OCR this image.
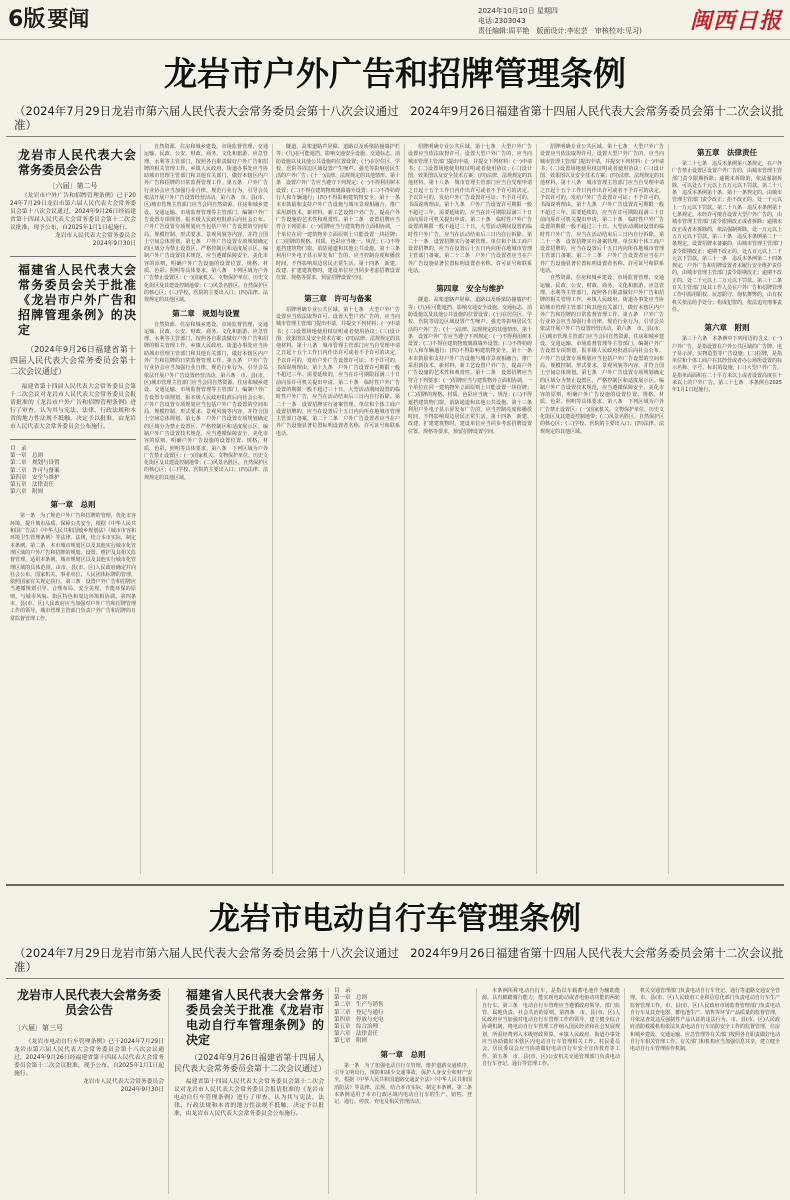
6版要闻	2024年10月10日 星期四
电话:2303043
责任编辑:周平艳　版面设计:李宏芸　审核校对:见习) 闽西日报
龙岩市户外广告和招牌管理条例
（2024年7月29日龙岩市第六届人民代表大会常务委员会第十八次会议通过　2024年9月26日福建省第十四届人民代表大会常务委员会第十二次会议批准）
龙岩市人民代表大会常务委员会公告
〔六届〕第二号

《龙岩市户外广告和招牌管理条例》已于2024年7月29日龙岩市第六届人民代表大会常务委员会第十八次会议通过，2024年9月26日经福建省第十四届人民代表大会常务委员会第十二次会议批准，现予公布，自2025年1月1日起施行。

龙岩市人民代表大会常务委员会
2024年9月30日
福建省人民代表大会常务委员会关于批准《龙岩市户外广告和招牌管理条例》的决定

（2024年9月26日福建省第十四届人民代表大会常务委员会第十二次会议通过）

福建省第十四届人民代表大会常务委员会第十二次会议对龙岩市人民代表大会常务委员会报请批准的《龙岩市户外广告和招牌管理条例》进行了审查，认为其与宪法、法律、行政法规和本省的地方性法规不抵触，决定予以批准，由龙岩市人民代表大会常务委员会公布施行。

目　录
第一章　总则
第二章　规划与设置
第三章　许可与备案
第四章　安全与维护
第五章　法律责任
第六章　附则
第一章　总则

第一条　为了规范户外广告和招牌的管理，优化市容环境，提升城市品质，保障公共安全，根据《中华人民共和国广告法》《中华人民共和国城乡规划法》《城市市容和环境卫生管理条例》等法律、法规，结合本市实际，制定本条例。第二条　本市城市规划区以及其他实行城市化管理区域的户外广告和招牌的规划、设置、维护及其相关监督管理，适用本条例。城市规划区以及其他实行城市化管理区域的具体范围，由市、县(市、区)人民政府确定并向社会公布。国家机关、事业单位、人民团体标牌的管理，依照国家有关规定执行。第三条　设置户外广告和招牌应当遵循规划引导、合理布局、安全美观、节能环保的原则，与城市风貌、街区特色和周边环境相协调。第四条　市、县(市、区)人民政府应当加强对户外广告和招牌管理工作的领导。城市管理主管部门负责户外广告和招牌的日常监督管理工作。

自然资源、住房和城乡建设、市场监督管理、交通运输、民政、公安、财政、商务、文化和旅游、应急管理、水利等主管部门，按照各自职责做好户外广告和招牌的相关管理工作。乡镇人民政府、街道办事处应当协助城市管理主管部门和其他有关部门，做好本辖区内户外广告和招牌的日常监督管理工作。第五条　户外广告行业协会应当加强行业自律，规范行业行为，引导会员依法开展户外广告设置经营活动。第六条　市、县(市、区)城市管理主管部门应当会同自然资源、住房和城乡建设、交通运输、市场监督管理等主管部门，编制户外广告设置专项规划，报本级人民政府批准后向社会公布。户外广告设置专项规划应当包括户外广告设置的空间布局、规模控制、形式要求、景观风貌等内容，并符合国土空间总体规划。第七条　户外广告设置专项规划确定的区域分为禁止设置区、严格控制区和适度展示区。编制户外广告设置技术规范，应当遵循保障安全、美化市容的原则，明确户外广告设施的设置位置、规格、材质、色彩、照明等具体要求。第八条　下列区域为户外广告禁止设置区：(一)国家机关、文物保护单位、历史文化街区及其建设控制地带；(二)风景名胜区、自然保护区的核心区；(三)学校、医院的主要出入口；(四)法律、法规规定的其他区域。

第二章　规划与设置

自然资源、住房和城乡建设、市场监督管理、交通运输、民政、公安、财政、商务、文化和旅游、应急管理、水利等主管部门，按照各自职责做好户外广告和招牌的相关管理工作。乡镇人民政府、街道办事处应当协助城市管理主管部门和其他有关部门，做好本辖区内户外广告和招牌的日常监督管理工作。第五条　户外广告行业协会应当加强行业自律，规范行业行为，引导会员依法开展户外广告设置经营活动。第六条　市、县(市、区)城市管理主管部门应当会同自然资源、住房和城乡建设、交通运输、市场监督管理等主管部门，编制户外广告设置专项规划，报本级人民政府批准后向社会公布。户外广告设置专项规划应当包括户外广告设置的空间布局、规模控制、形式要求、景观风貌等内容，并符合国土空间总体规划。第七条　户外广告设置专项规划确定的区域分为禁止设置区、严格控制区和适度展示区。编制户外广告设置技术规范，应当遵循保障安全、美化市容的原则，明确户外广告设施的设置位置、规格、材质、色彩、照明等具体要求。第八条　下列区域为户外广告禁止设置区：(一)国家机关、文物保护单位、历史文化街区及其建设控制地带；(二)风景名胜区、自然保护区的核心区；(三)学校、医院的主要出入口；(四)法律、法规规定的其他区域。

隧道、高架道路声屏障、道路以及桥梁防撞墙护栏等；(九)在可能遮挡、影响交通安全设施、交通标志、消防设施以及其他公共设施的位置设置；(十)在居住区、学校、医院等周边区域设置产生噪声、强光等影响居民生活的户外广告；(十一)法律、法规规定的其他情形。第十条　设置户外广告应当遵守下列规定：(一)不得利用树木设置；(二)不得在建筑物玻璃幕墙外设置；(三)不得妨碍行人和车辆通行；(四)不得影响建筑物安全。第十一条　本市鼓励和支持户外广告设施与城市景观相融合，推广采用新技术、新材料、新工艺设置户外广告，提高户外广告设施的艺术性和观赏性。第十二条　设置招牌应当符合下列要求：(一)招牌应当与建筑物外立面相协调，一个单位在同一建筑物外立面原则上只能设置一块招牌；(二)招牌的规格、材质、色彩应当统一、规范；(三)不得遮挡建筑物门窗、消防通道和其他公共设施。第十三条　利用户外电子显示屏发布广告的，应当控制亮度和播放时间，不得影响周边居民正常生活。第十四条　新建、改建、扩建建筑物时，建设单位应当同步考虑招牌设置位置、规格等要求，预留招牌设置空间。

第三章　许可与备案

招牌明确专业公共区域。第十七条　大型户外广告设置应当依法取得许可。设置大型户外广告的，应当向城市管理主管部门提出申请，并提交下列材料：(一)申请书；(二)设置场地使用权证明或者使用协议；(三)设计图、效果图以及安全技术方案；(四)法律、法规规定的其他材料。第十八条　城市管理主管部门应当自受理申请之日起十五个工作日内作出许可或者不予许可的决定。予以许可的，发给户外广告设置许可证；不予许可的，书面说明理由。第十九条　户外广告设置许可期限一般不超过三年。需要延续的，应当在许可期限届满三十日前向原许可机关提出申请。第二十条　临时性户外广告设置的期限一般不超过三十日。大型活动期间设置的临时性户外广告，应当在活动结束后三日内自行拆除。第二十一条　设置招牌实行备案管理。单位和个体工商户设置招牌的，应当在设置后十五日内向所在地城市管理主管部门备案。第二十二条　户外广告设置者应当在户外广告设施显著位置标明设置者名称、许可证号和联系电话。

招牌明确专业公共区域。第十七条　大型户外广告设置应当依法取得许可。设置大型户外广告的，应当向城市管理主管部门提出申请，并提交下列材料：(一)申请书；(二)设置场地使用权证明或者使用协议；(三)设计图、效果图以及安全技术方案；(四)法律、法规规定的其他材料。第十八条　城市管理主管部门应当自受理申请之日起十五个工作日内作出许可或者不予许可的决定。予以许可的，发给户外广告设置许可证；不予许可的，书面说明理由。第十九条　户外广告设置许可期限一般不超过三年。需要延续的，应当在许可期限届满三十日前向原许可机关提出申请。第二十条　临时性户外广告设置的期限一般不超过三十日。大型活动期间设置的临时性户外广告，应当在活动结束后三日内自行拆除。第二十一条　设置招牌实行备案管理。单位和个体工商户设置招牌的，应当在设置后十五日内向所在地城市管理主管部门备案。第二十二条　户外广告设置者应当在户外广告设施显著位置标明设置者名称、许可证号和联系电话。

第四章　安全与维护

隧道、高架道路声屏障、道路以及桥梁防撞墙护栏等；(九)在可能遮挡、影响交通安全设施、交通标志、消防设施以及其他公共设施的位置设置；(十)在居住区、学校、医院等周边区域设置产生噪声、强光等影响居民生活的户外广告；(十一)法律、法规规定的其他情形。第十条　设置户外广告应当遵守下列规定：(一)不得利用树木设置；(二)不得在建筑物玻璃幕墙外设置；(三)不得妨碍行人和车辆通行；(四)不得影响建筑物安全。第十一条　本市鼓励和支持户外广告设施与城市景观相融合，推广采用新技术、新材料、新工艺设置户外广告，提高户外广告设施的艺术性和观赏性。第十二条　设置招牌应当符合下列要求：(一)招牌应当与建筑物外立面相协调，一个单位在同一建筑物外立面原则上只能设置一块招牌；(二)招牌的规格、材质、色彩应当统一、规范；(三)不得遮挡建筑物门窗、消防通道和其他公共设施。第十三条　利用户外电子显示屏发布广告的，应当控制亮度和播放时间，不得影响周边居民正常生活。第十四条　新建、改建、扩建建筑物时，建设单位应当同步考虑招牌设置位置、规格等要求，预留招牌设置空间。

招牌明确专业公共区域。第十七条　大型户外广告设置应当依法取得许可。设置大型户外广告的，应当向城市管理主管部门提出申请，并提交下列材料：(一)申请书；(二)设置场地使用权证明或者使用协议；(三)设计图、效果图以及安全技术方案；(四)法律、法规规定的其他材料。第十八条　城市管理主管部门应当自受理申请之日起十五个工作日内作出许可或者不予许可的决定。予以许可的，发给户外广告设置许可证；不予许可的，书面说明理由。第十九条　户外广告设置许可期限一般不超过三年。需要延续的，应当在许可期限届满三十日前向原许可机关提出申请。第二十条　临时性户外广告设置的期限一般不超过三十日。大型活动期间设置的临时性户外广告，应当在活动结束后三日内自行拆除。第二十一条　设置招牌实行备案管理。单位和个体工商户设置招牌的，应当在设置后十五日内向所在地城市管理主管部门备案。第二十二条　户外广告设置者应当在户外广告设施显著位置标明设置者名称、许可证号和联系电话。

自然资源、住房和城乡建设、市场监督管理、交通运输、民政、公安、财政、商务、文化和旅游、应急管理、水利等主管部门，按照各自职责做好户外广告和招牌的相关管理工作。乡镇人民政府、街道办事处应当协助城市管理主管部门和其他有关部门，做好本辖区内户外广告和招牌的日常监督管理工作。第五条　户外广告行业协会应当加强行业自律，规范行业行为，引导会员依法开展户外广告设置经营活动。第六条　市、县(市、区)城市管理主管部门应当会同自然资源、住房和城乡建设、交通运输、市场监督管理等主管部门，编制户外广告设置专项规划，报本级人民政府批准后向社会公布。户外广告设置专项规划应当包括户外广告设置的空间布局、规模控制、形式要求、景观风貌等内容，并符合国土空间总体规划。第七条　户外广告设置专项规划确定的区域分为禁止设置区、严格控制区和适度展示区。编制户外广告设置技术规范，应当遵循保障安全、美化市容的原则，明确户外广告设施的设置位置、规格、材质、色彩、照明等具体要求。第八条　下列区域为户外广告禁止设置区：(一)国家机关、文物保护单位、历史文化街区及其建设控制地带；(二)风景名胜区、自然保护区的核心区；(三)学校、医院的主要出入口；(四)法律、法规规定的其他区域。

第五章　法律责任

第二十七条　违反本条例第八条规定，在户外广告禁止设置区设置户外广告的，由城市管理主管部门责令限期拆除；逾期未拆除的，依法强制拆除，可以处五千元以上五万元以下罚款。第二十八条　违反本条例第十条、第十一条规定的，由城市管理主管部门责令改正；拒不改正的，处一千元以上一万元以下罚款。第二十九条　违反本条例第十七条规定，未经许可擅自设置大型户外广告的，由城市管理主管部门责令限期改正或者拆除；逾期未改正或者未拆除的，依法强制拆除，处一万元以上五万元以下罚款。第三十条　违反本条例第二十一条规定，设置招牌未备案的，由城市管理主管部门责令限期改正；逾期不改正的，处五百元以上二千元以下罚款。第三十一条　违反本条例第二十四条规定，户外广告和招牌设置者未履行安全维护责任的，由城市管理主管部门责令限期改正；逾期不改正的，处二千元以上二万元以下罚款。第三十二条　有关主管部门及其工作人员在户外广告和招牌管理工作中滥用职权、玩忽职守、徇私舞弊的，由有权机关依法给予处分；构成犯罪的，依法追究刑事责任。

第六章　附则

第三十六条　本条例中下列用语的含义：(一)户外广告，是指设置在户外公共区域的广告牌、电子显示屏、实物造型等广告设施；(二)招牌，是指单位和个体工商户在其经营或者办公场所设置的标示名称、字号、标识的设施；(三)大型户外广告，是指单面面积在二十平方米以上或者设置高度在十米以上的户外广告。第三十七条　本条例自2025年1月1日起施行。

龙岩市电动自行车管理条例
（2024年7月29日龙岩市第六届人民代表大会常务委员会第十八次会议通过　2024年9月26日福建省第十四届人民代表大会常务委员会第十二次会议批准）
龙岩市人民代表大会常务委员会公告
〔六届〕第三号

《龙岩市电动自行车管理条例》已于2024年7月29日龙岩市第六届人民代表大会常务委员会第十八次会议通过，2024年9月26日经福建省第十四届人民代表大会常务委员会第十二次会议批准，现予公布，自2025年1月1日起施行。

龙岩市人民代表大会常务委员会
2024年9月30日
福建省人民代表大会常务委员会关于批准《龙岩市电动自行车管理条例》的决定

（2024年9月26日福建省第十四届人民代表大会常务委员会第十二次会议通过）

福建省第十四届人民代表大会常务委员会第十二次会议对龙岩市人民代表大会常务委员会报请批准的《龙岩市电动自行车管理条例》进行了审查，认为其与宪法、法律、行政法规和本省的地方性法规不抵触，决定予以批准，由龙岩市人民代表大会常务委员会公布施行。

目　录
第一章　总则
第二章　生产与销售
第三章　登记与通行
第四章　停放与充电
第五章　综合治理
第六章　法律责任
第七章　附则
第一章　总则

第一条　为了加强电动自行车管理，维护道路交通秩序，引导文明出行，预防和减少交通事故，保护人身安全和财产安全，根据《中华人民共和国道路交通安全法》《中华人民共和国消防法》等法律、法规，结合本市实际，制定本条例。第二条　本条例适用于本市行政区域内电动自行车的生产、销售、登记、通行、停放、充电及相关管理活动。

本条例所称电动自行车，是指以车载蓄电池作为辅助能源，具有脚踏骑行能力，能实现电助动或者电驱动功能的两轮自行车。第三条　电动自行车管理应当遵循政府领导、部门监管、属地负责、社会共治的原则。第四条　市、县(市、区)人民政府应当加强对电动自行车管理工作的领导，建立健全综合协调机制，将电动自行车管理工作纳入国民经济和社会发展规划，所需经费列入本级财政预算。乡镇人民政府、街道办事处应当协助做好本辖区内电动自行车管理相关工作。村民委员会、居民委员会应当协助做好电动自行车安全宣传教育等工作。第五条　市、县(市、区)公安机关交通管理部门负责电动自行车登记、通行等管理工作。

机关交通管理部门负责电动自行车登记、通行等道路交通安全管理。市、县(市、区)人民政府工业和信息化部门负责电动自行车生产监督管理工作。市、县(市、区)人民政府市场监督管理部门负责电动自行车及其充电器、蓄电池生产、销售等环节产品质量的监督管理，并依法查处违反强制性产品认证的违法行为。市、县(市、区)人民政府消防救援机构依法负责电动自行车消防安全工作的监督管理，住房和城乡建设、交通运输、应急管理等有关部门按照各自职责做好电动自行车相关管理工作。有关部门和机构应当加强信息共享，建立健全电动自行车管理协作机制。
